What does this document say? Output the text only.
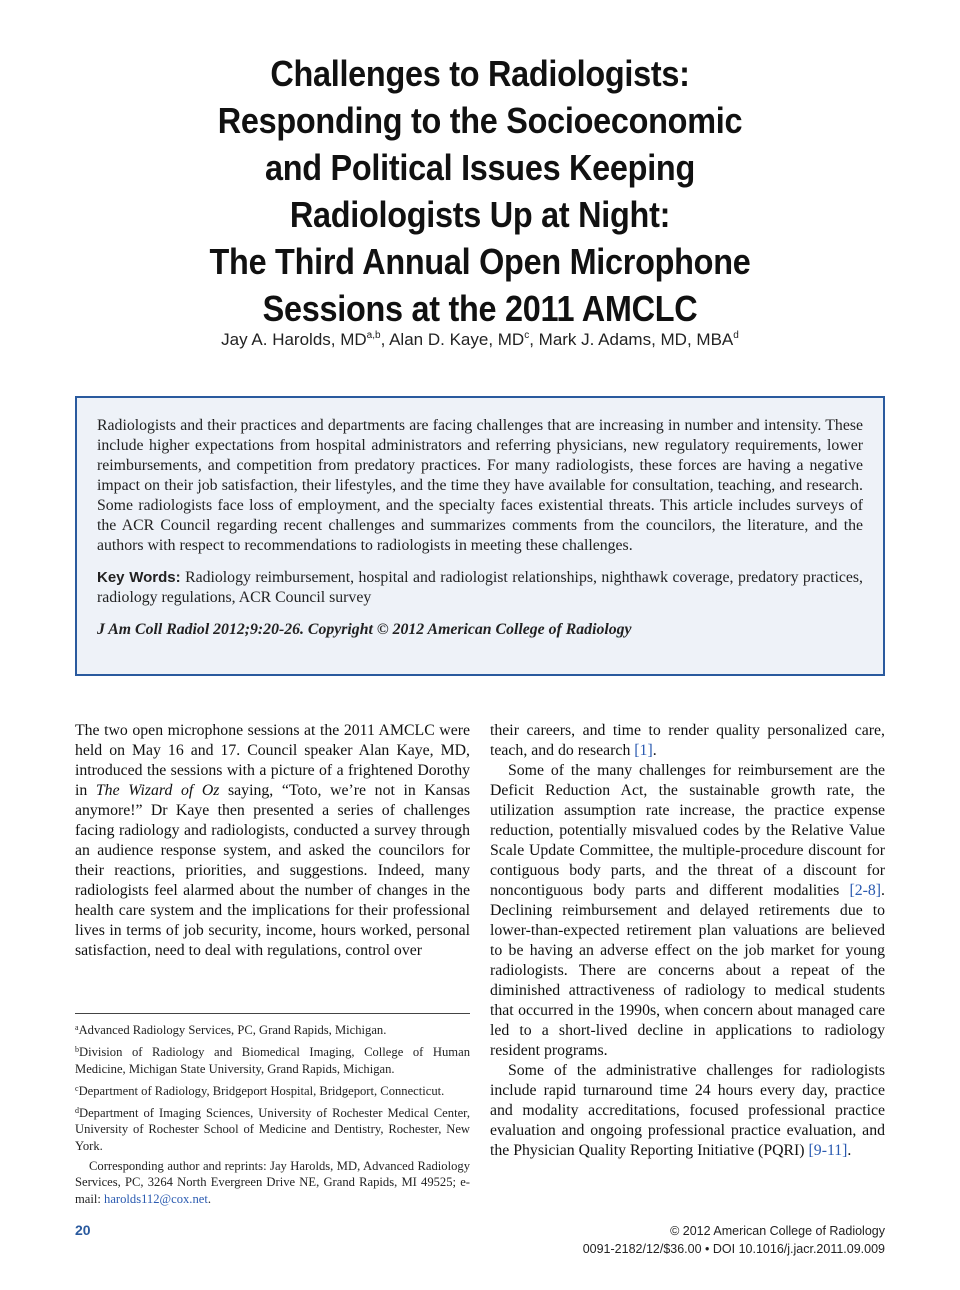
Challenges to Radiologists:
Responding to the Socioeconomic
and Political Issues Keeping
Radiologists Up at Night:
The Third Annual Open Microphone
Sessions at the 2011 AMCLC
Jay A. Harolds, MD$^{a,b}$, Alan D. Kaye, $MD^c$, Mark J. Adams, MD, MBA$^d$

Radiologists and their practices and departments are facing challenges that are increasing in number and intensity. These include higher expectations from hospital administrators and referring physicians, new regulatory requirements, lower reimbursements, and competition from predatory practices. For many radiologists, these forces are having a negative impact on their job satisfaction, their lifestyles, and the time they have available for consultation, teaching, and research. Some radiologists face loss of employment, and the specialty faces existential threats. This article includes surveys of the ACR Council regarding recent challenges and summarizes comments from the councilors, the literature, and the authors with respect to recommendations to radiologists in meeting these challenges.

Key Words: Radiology reimbursement, hospital and radiologist relationships, nighthawk coverage, predatory practices, radiology regulations, ACR Council survey

J Am Coll Radiol 2012;9:20-26. Copyright © 2012 American College of Radiology

The two open microphone sessions at the 2011 AMCLC were held on May 16 and 17. Council speaker Alan Kaye, MD, introduced the sessions with a picture of a frightened Dorothy in The Wizard of Oz saying, “Toto, we’re not in Kansas anymore!” Dr Kaye then presented a series of challenges facing radiology and radiologists, conducted a survey through an audience response system, and asked the councilors for their reactions, priorities, and suggestions. Indeed, many radiologists feel alarmed about the number of changes in the health care system and the implications for their professional lives in terms of job security, income, hours worked, personal satisfaction, need to deal with regulations, control over

their careers, and time to render quality personalized care, teach, and do research [1].

Some of the many challenges for reimbursement are the Deficit Reduction Act, the sustainable growth rate, the utilization assumption rate increase, the practice expense reduction, potentially misvalued codes by the Relative Value Scale Update Committee, the multiple-procedure discount for contiguous body parts, and the threat of a discount for noncontiguous body parts and different modalities [2-8]. Declining reimbursement and delayed retirements due to lower-than-expected retirement plan valuations are believed to be having an adverse effect on the job market for young radiologists. There are concerns about a repeat of the diminished attractiveness of radiology to medical students that occurred in the 1990s, when concern about managed care led to a short-lived decline in applications to radiology resident programs.

Some of the administrative challenges for radiologists include rapid turnaround time 24 hours every day, practice and modality accreditations, focused professional practice evaluation and ongoing professional practice evaluation, and the Physician Quality Reporting Initiative (PQRI) [9-11].

$^a$Advanced Radiology Services, PC, Grand Rapids, Michigan.

$^b$Division of Radiology and Biomedical Imaging, College of Human Medicine, Michigan State University, Grand Rapids, Michigan.

$^c$Department of Radiology, Bridgeport Hospital, Bridgeport, Connecticut.

$^d$Department of Imaging Sciences, University of Rochester Medical Center, University of Rochester School of Medicine and Dentistry, Rochester, New York.

Corresponding author and reprints: Jay Harolds, MD, Advanced Radiology Services, PC, 3264 North Evergreen Drive NE, Grand Rapids, MI 49525; e-mail: harolds112@cox.net.

20	© 2012 American College of Radiology
0091-2182/12/$36.00 • DOI 10.1016/j.jacr.2011.09.009
